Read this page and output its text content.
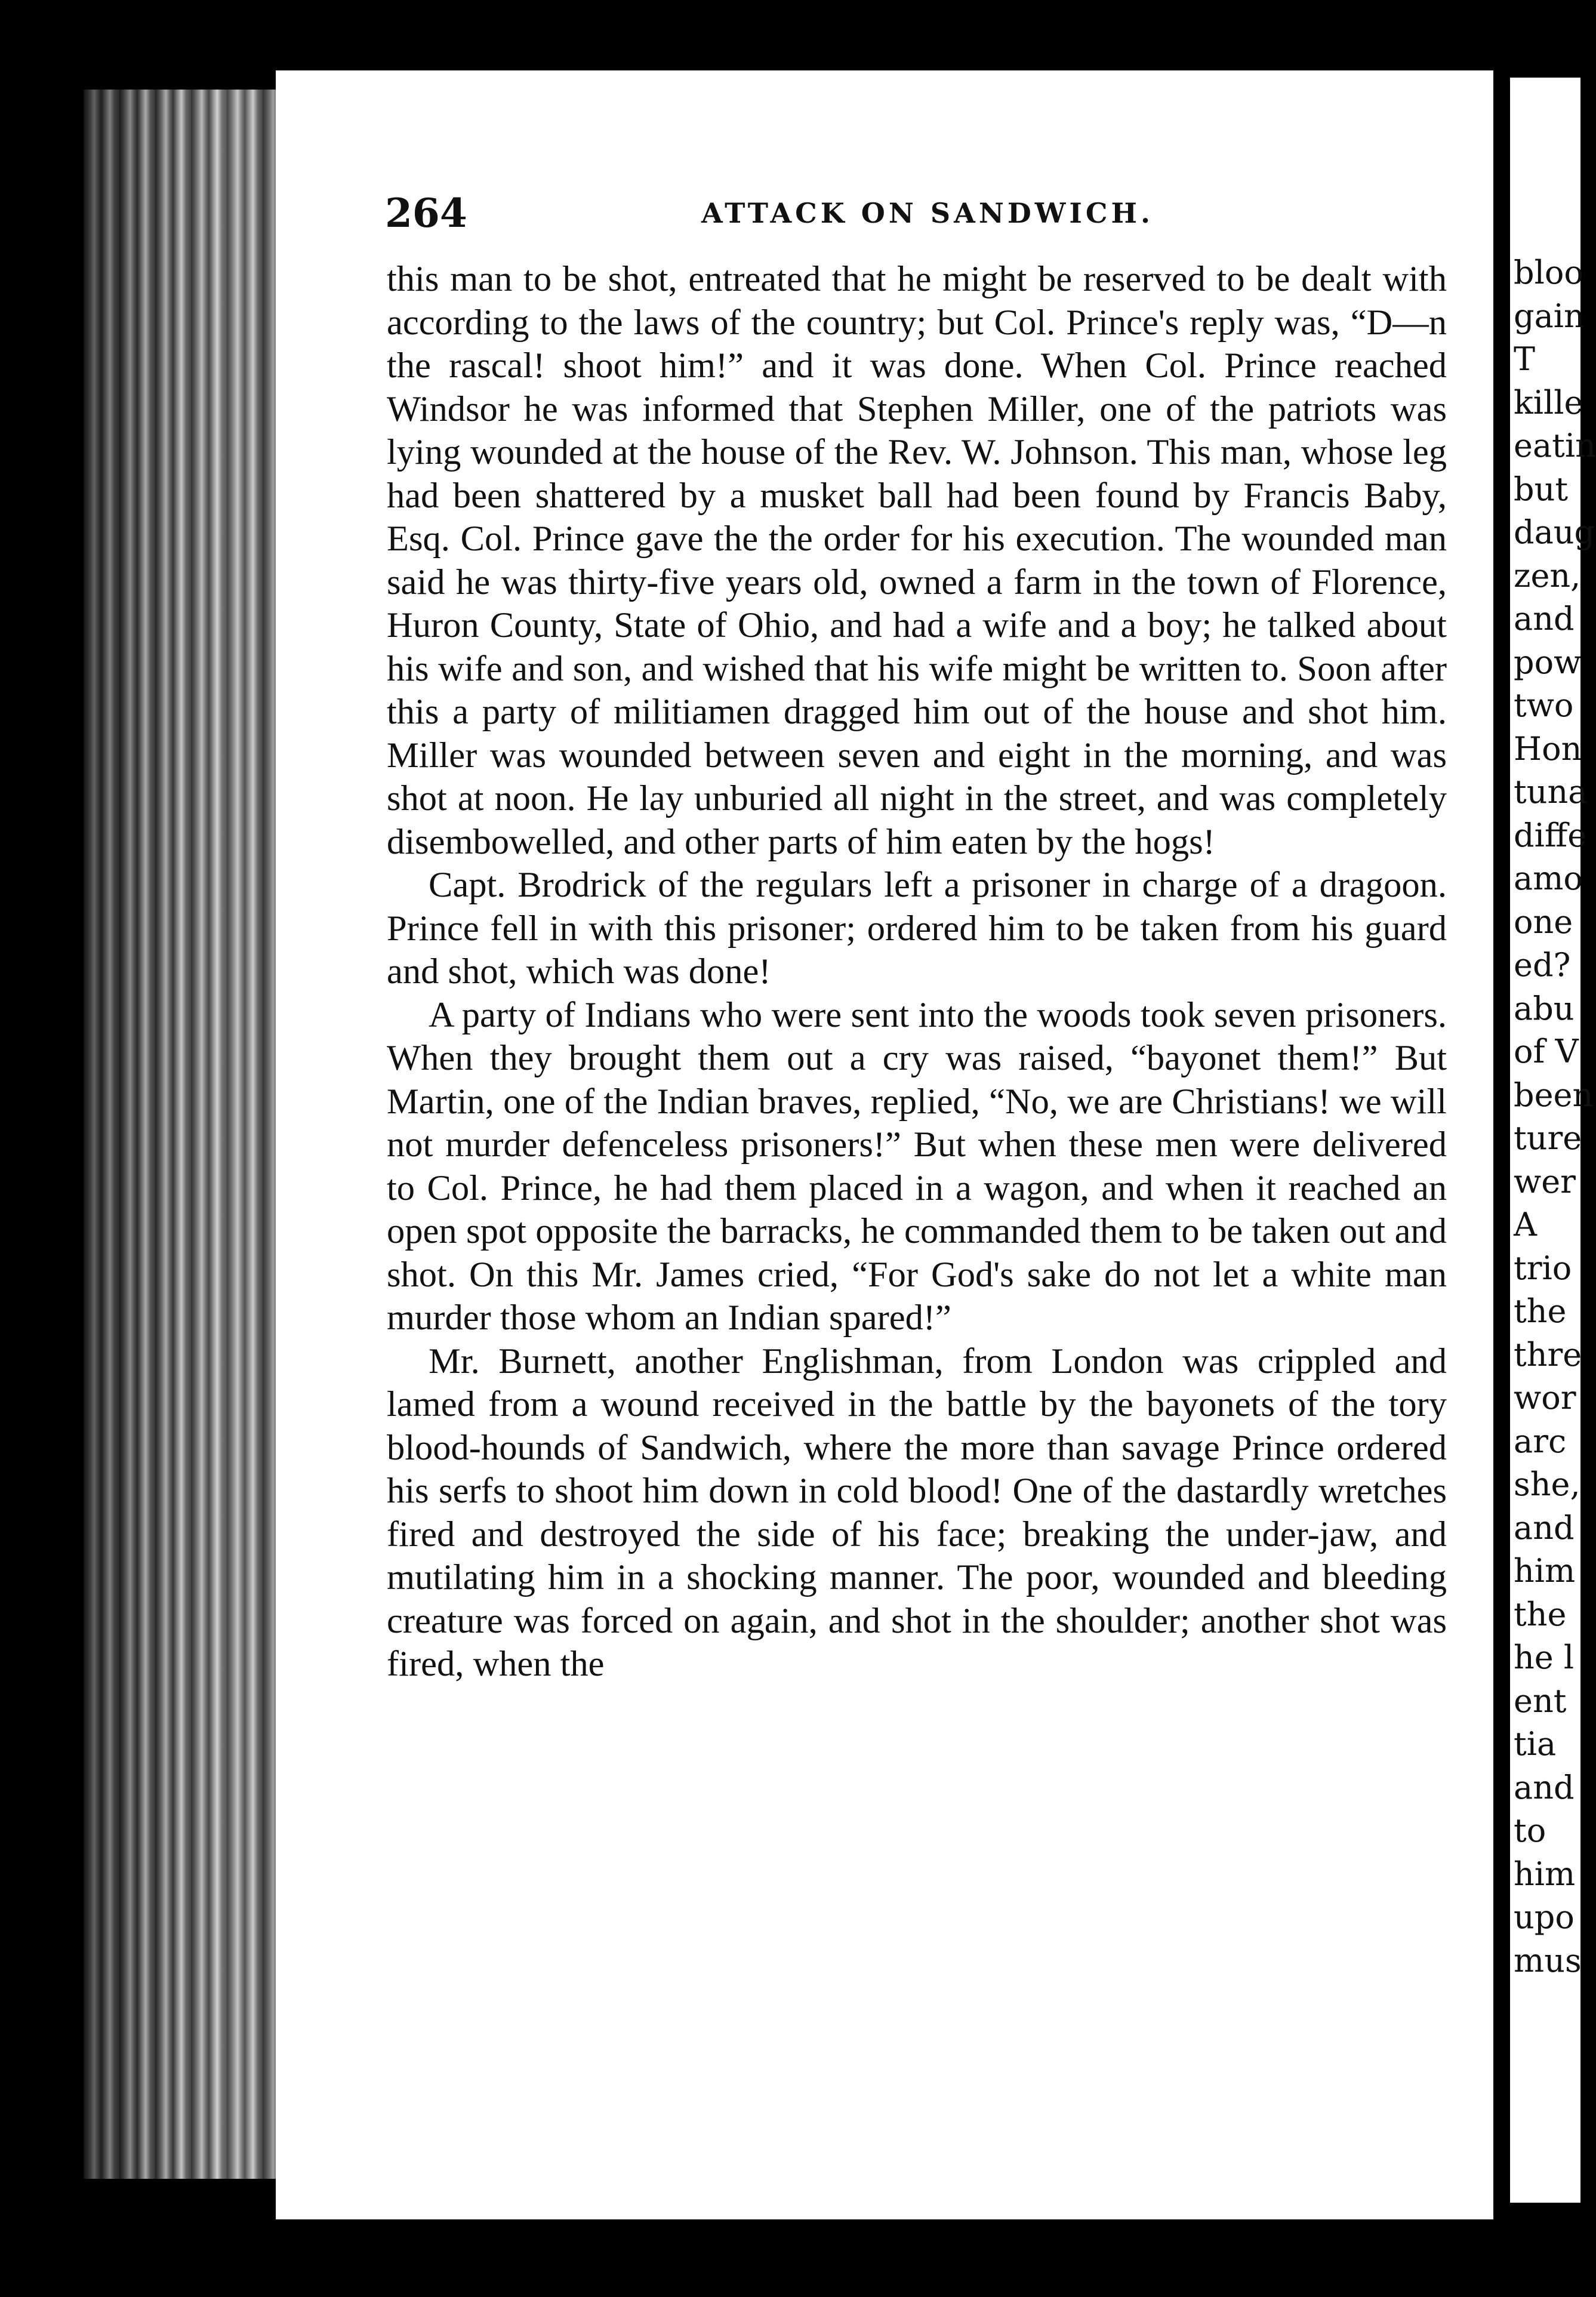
bloo
gain
T
kille
eatin
but
daug
zen,
and
pow
two
Hon
tuna
diffe
amo
one
ed?
abu
of V
been
ture
wer
A
trio
the
thre
wor
arc
she,
and
him
the
he l
ent
tia
and
to
him
upo
mus
264	ATTACK ON SANDWICH.

this man to be shot, entreated that he might be reserved to be dealt with according to the laws of the country; but Col. Prince's reply was, “D—n the rascal! shoot him!” and it was done. When Col. Prince reached Windsor he was informed that Stephen Miller, one of the patriots was lying wounded at the house of the Rev. W. Johnson. This man, whose leg had been shattered by a musket ball had been found by Francis Baby, Esq. Col. Prince gave the the order for his execution. The wounded man said he was thirty-five years old, owned a farm in the town of Florence, Huron County, State of Ohio, and had a wife and a boy; he talked about his wife and son, and wished that his wife might be written to. Soon after this a party of militiamen dragged him out of the house and shot him. Miller was wounded between seven and eight in the morning, and was shot at noon. He lay unburied all night in the street, and was completely disembowelled, and other parts of him eaten by the hogs!

Capt. Brodrick of the regulars left a prisoner in charge of a dragoon. Prince fell in with this prisoner; ordered him to be taken from his guard and shot, which was done!

A party of Indians who were sent into the woods took seven prisoners. When they brought them out a cry was raised, “bayonet them!” But Martin, one of the Indian braves, replied, “No, we are Christians! we will not murder defenceless prisoners!” But when these men were delivered to Col. Prince, he had them placed in a wagon, and when it reached an open spot opposite the barracks, he commanded them to be taken out and shot. On this Mr. James cried, “For God's sake do not let a white man murder those whom an Indian spared!”

Mr. Burnett, another Englishman, from London was crippled and lamed from a wound received in the battle by the bayonets of the tory blood-hounds of Sandwich, where the more than savage Prince ordered his serfs to shoot him down in cold blood! One of the dastardly wretches fired and destroyed the side of his face; breaking the under-jaw, and mutilating him in a shocking manner. The poor, wounded and bleeding creature was forced on again, and shot in the shoulder; another shot was fired, when the
